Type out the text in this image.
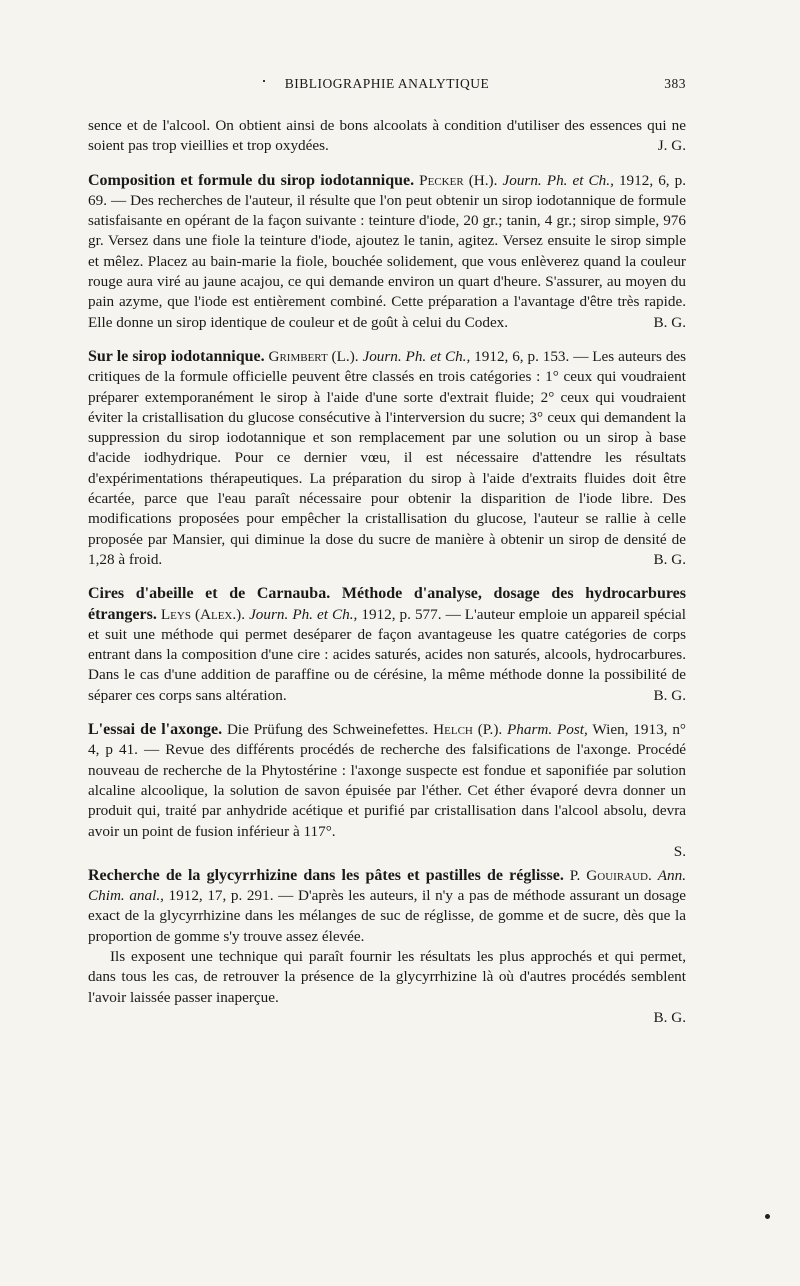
BIBLIOGRAPHIE ANALYTIQUE	383

sence et de l'alcool. On obtient ainsi de bons alcoolats à condition d'utiliser des essences qui ne soient pas trop vieillies et trop oxydées.	J. G.

Composition et formule du sirop iodotannique. Pecker (H.). Journ. Ph. et Ch., 1912, 6, p. 69. — Des recherches de l'auteur, il résulte que l'on peut obtenir un sirop iodotannique de formule satisfaisante en opérant de la façon suivante : teinture d'iode, 20 gr.; tanin, 4 gr.; sirop simple, 976 gr. Versez dans une fiole la teinture d'iode, ajoutez le tanin, agitez. Versez ensuite le sirop simple et mêlez. Placez au bain-marie la fiole, bouchée solidement, que vous enlèverez quand la couleur rouge aura viré au jaune acajou, ce qui demande environ un quart d'heure. S'assurer, au moyen du pain azyme, que l'iode est entièrement combiné. Cette préparation a l'avantage d'être très rapide. Elle donne un sirop identique de couleur et de goût à celui du Codex.	B. G.

Sur le sirop iodotannique. Grimbert (L.). Journ. Ph. et Ch., 1912, 6, p. 153. — Les auteurs des critiques de la formule officielle peuvent être classés en trois catégories : 1° ceux qui voudraient préparer extemporanément le sirop à l'aide d'une sorte d'extrait fluide; 2° ceux qui voudraient éviter la cristallisation du glucose consécutive à l'interversion du sucre; 3° ceux qui demandent la suppression du sirop iodotannique et son remplacement par une solution ou un sirop à base d'acide iodhydrique. Pour ce dernier vœu, il est nécessaire d'attendre les résultats d'expérimentations thérapeutiques. La préparation du sirop à l'aide d'extraits fluides doit être écartée, parce que l'eau paraît nécessaire pour obtenir la disparition de l'iode libre. Des modifications proposées pour empêcher la cristallisation du glucose, l'auteur se rallie à celle proposée par Mansier, qui diminue la dose du sucre de manière à obtenir un sirop de densité de 1,28 à froid.	B. G.

Cires d'abeille et de Carnauba. Méthode d'analyse, dosage des hydrocarbures étrangers. Leys (Alex.). Journ. Ph. et Ch., 1912, p. 577. — L'auteur emploie un appareil spécial et suit une méthode qui permet deséparer de façon avantageuse les quatre catégories de corps entrant dans la composition d'une cire : acides saturés, acides non saturés, alcools, hydrocarbures. Dans le cas d'une addition de paraffine ou de cérésine, la même méthode donne la possibilité de séparer ces corps sans altération.	B. G.

L'essai de l'axonge. Die Prüfung des Schweinefettes. Helch (P.). Pharm. Post, Wien, 1913, n° 4, p 41. — Revue des différents procédés de recherche des falsifications de l'axonge. Procédé nouveau de recherche de la Phytostérine : l'axonge suspecte est fondue et saponifiée par solution alcaline alcoolique, la solution de savon épuisée par l'éther. Cet éther évaporé devra donner un produit qui, traité par anhydride acétique et purifié par cristallisation dans l'alcool absolu, devra avoir un point de fusion inférieur à 117°.

S.

Recherche de la glycyrrhizine dans les pâtes et pastilles de réglisse. P. Gouiraud. Ann. Chim. anal., 1912, 17, p. 291. — D'après les auteurs, il n'y a pas de méthode assurant un dosage exact de la glycyrrhizine dans les mélanges de suc de réglisse, de gomme et de sucre, dès que la proportion de gomme s'y trouve assez élevée.

Ils exposent une technique qui paraît fournir les résultats les plus approchés et qui permet, dans tous les cas, de retrouver la présence de la glycyrrhizine là où d'autres procédés semblent l'avoir laissée passer inaperçue.

B. G.
